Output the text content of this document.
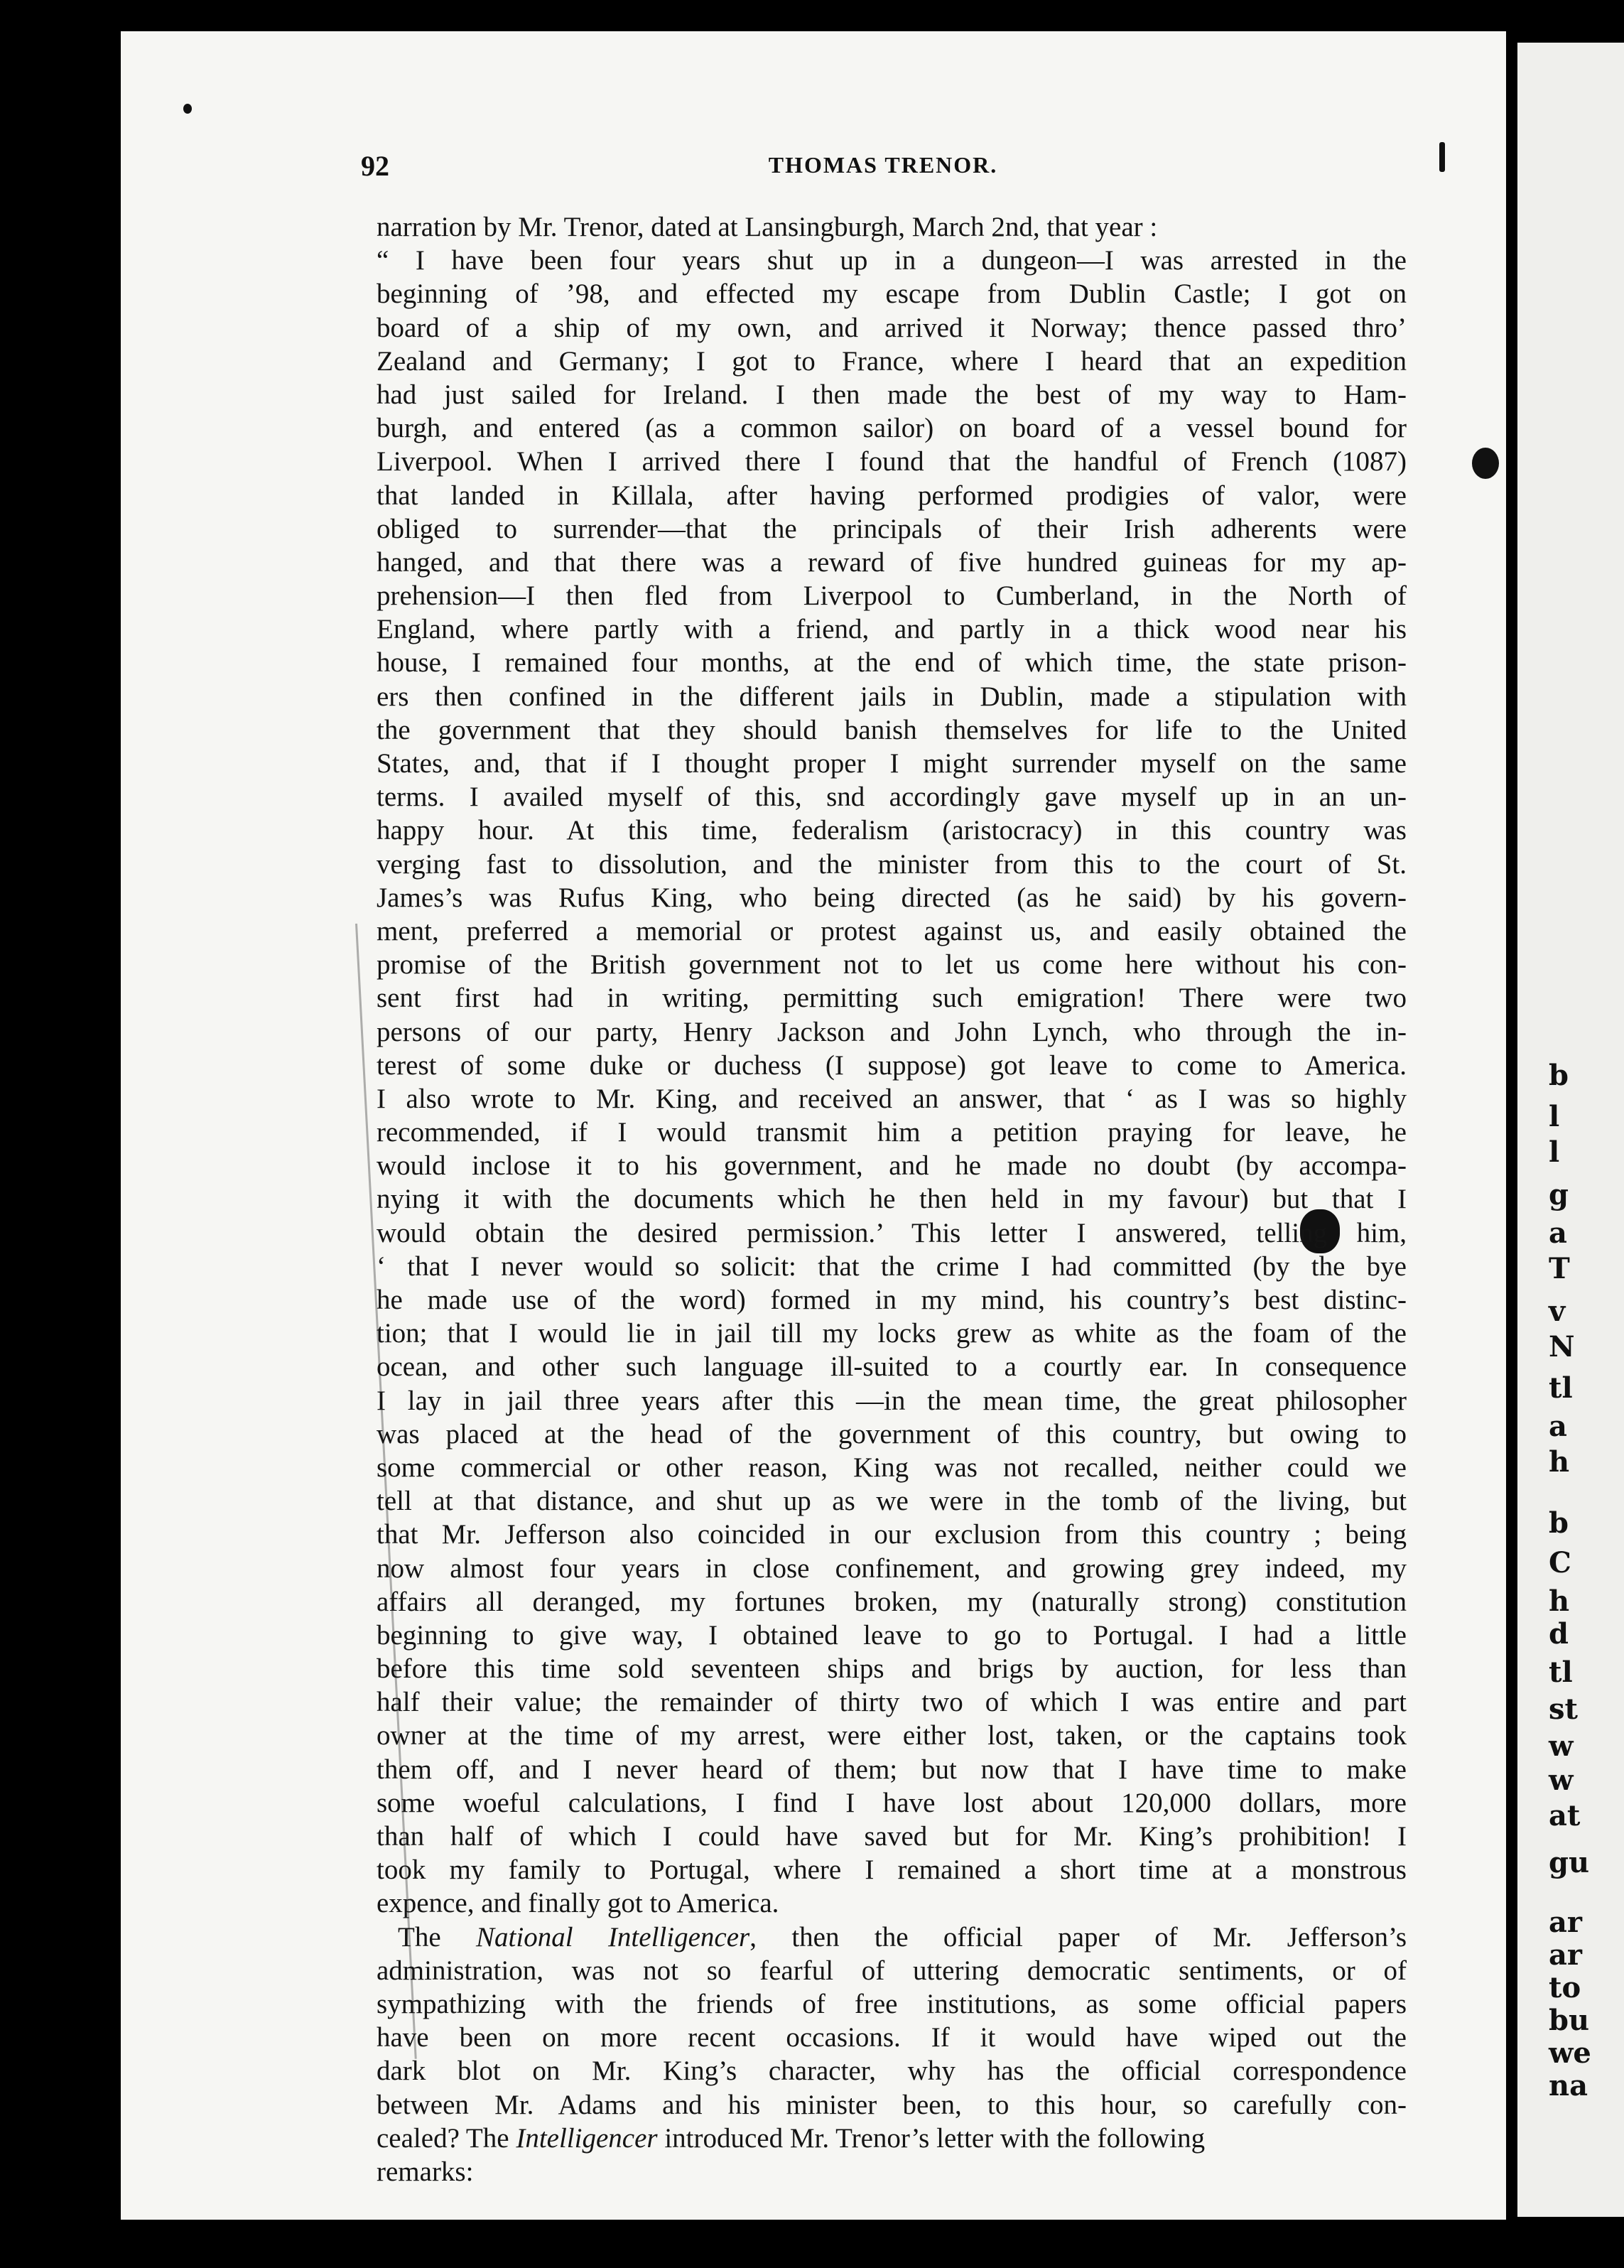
b
l
l
g
a
T
v
N
tl
a
h
b
C
h
d
tl
st
w
w
at
gu
ar
ar
to
bu
we
na
92	THOMAS TRENOR.
narration by Mr. Trenor, dated at Lansingburgh, March 2nd, that year :
“ I have been four years shut up in a dungeon—I was arrested in the
beginning of ’98, and effected my escape from Dublin Castle; I got on
board of a ship of my own, and arrived it Norway; thence passed thro’
Zealand and Germany; I got to France, where I heard that an expedition
had just sailed for Ireland. I then made the best of my way to Ham-
burgh, and entered (as a common sailor) on board of a vessel bound for
Liverpool. When I arrived there I found that the handful of French (1087)
that landed in Killala, after having performed prodigies of valor, were
obliged to surrender—that the principals of their Irish adherents were
hanged, and that there was a reward of five hundred guineas for my ap-
prehension—I then fled from Liverpool to Cumberland, in the North of
England, where partly with a friend, and partly in a thick wood near his
house, I remained four months, at the end of which time, the state prison-
ers then confined in the different jails in Dublin, made a stipulation with
the government that they should banish themselves for life to the United
States, and, that if I thought proper I might surrender myself on the same
terms. I availed myself of this, snd accordingly gave myself up in an un-
happy hour. At this time, federalism (aristocracy) in this country was
verging fast to dissolution, and the minister from this to the court of St.
James’s was Rufus King, who being directed (as he said) by his govern-
ment, preferred a memorial or protest against us, and easily obtained the
promise of the British government not to let us come here without his con-
sent first had in writing, permitting such emigration! There were two
persons of our party, Henry Jackson and John Lynch, who through the in-
terest of some duke or duchess (I suppose) got leave to come to America.
I also wrote to Mr. King, and received an answer, that ‘ as I was so highly
recommended, if I would transmit him a petition praying for leave, he
would inclose it to his government, and he made no doubt (by accompa-
nying it with the documents which he then held in my favour) but that I
would obtain the desired permission.’ This letter I answered, telling him,
‘ that I never would so solicit: that the crime I had committed (by the bye
he made use of the word) formed in my mind, his country’s best distinc-
tion; that I would lie in jail till my locks grew as white as the foam of the
ocean, and other such language ill-suited to a courtly ear. In consequence
I lay in jail three years after this —in the mean time, the great philosopher
was placed at the head of the government of this country, but owing to
some commercial or other reason, King was not recalled, neither could we
tell at that distance, and shut up as we were in the tomb of the living, but
that Mr. Jefferson also coincided in our exclusion from this country ; being
now almost four years in close confinement, and growing grey indeed, my
affairs all deranged, my fortunes broken, my (naturally strong) constitution
beginning to give way, I obtained leave to go to Portugal. I had a little
before this time sold seventeen ships and brigs by auction, for less than
half their value; the remainder of thirty two of which I was entire and part
owner at the time of my arrest, were either lost, taken, or the captains took
them off, and I never heard of them; but now that I have time to make
some woeful calculations, I find I have lost about 120,000 dollars, more
than half of which I could have saved but for Mr. King’s prohibition! I
took my family to Portugal, where I remained a short time at a monstrous
expence, and finally got to America.
The National Intelligencer, then the official paper of Mr. Jefferson’s
administration, was not so fearful of uttering democratic sentiments, or of
sympathizing with the friends of free institutions, as some official papers
have been on more recent occasions. If it would have wiped out the
dark blot on Mr. King’s character, why has the official correspondence
between Mr. Adams and his minister been, to this hour, so carefully con-
cealed? The Intelligencer introduced Mr. Trenor’s letter with the following
remarks:
